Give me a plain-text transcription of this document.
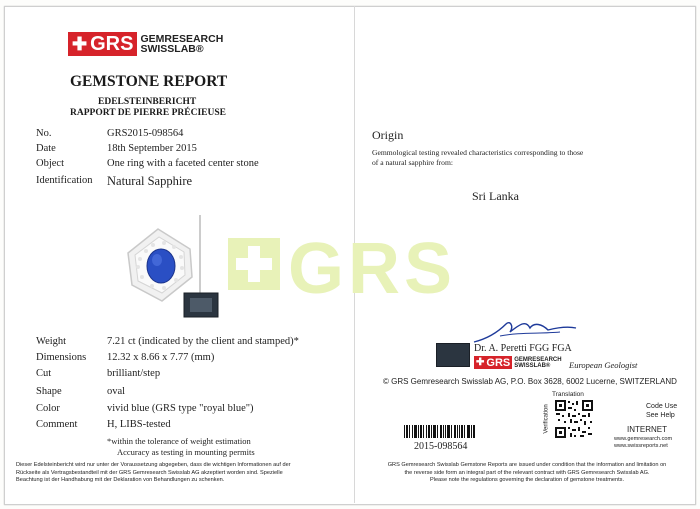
✚ GRS GEMRESEARCH
SWISSLAB®
GEMSTONE REPORT
EDELSTEINBERICHT
RAPPORT DE PIERRE PRÉCIEUSE
No.	GRS2015-098564
Date	18th September 2015
Object	One ring with a faceted center stone
Identification Natural Sapphire
Weight	7.21 ct (indicated by the client and stamped)*
Dimensions 12.32 x 8.66 x 7.77 (mm)
Cut	brilliant/step
Shape	oval
Color	vivid blue (GRS type "royal blue")
Comment	H, LIBS-tested
*within the tolerance of weight estimation
Accuracy as testing in mounting permits
Dieser Edelsteinbericht wird nur unter der Voraussetzung abgegeben, dass die wichtigen Informationen auf der
Rückseite als Vertragsbestandteil mit der GRS Gemresearch Swisslab AG akzeptiert worden sind. Spezielle
Beachtung ist der Handhabung mit der Deklaration von Behandlungen zu schenken.
GRS
Origin
Gemmological testing revealed characteristics corresponding to those
of a natural sapphire from:
Sri Lanka
Dr. A. Peretti FGG FGA
✚ GRS GEMRESEARCH
SWISSLAB®	European Geologist
© GRS Gemresearch Swisslab AG, P.O. Box 3628, 6002 Lucerne, SWITZERLAND
Translation
Verification	Code Use
See Help
INTERNET
www.gemresearch.com
www.swissreports.net
2015-098564
GRS Gemresearch Swisslab Gemstone Reports are issued under condition that the information and limitation on
the reverse side form an integral part of the relevant contract with GRS Gemresearch Swisslab AG.
Please note the regulations governing the declaration of gemstone treatments.
